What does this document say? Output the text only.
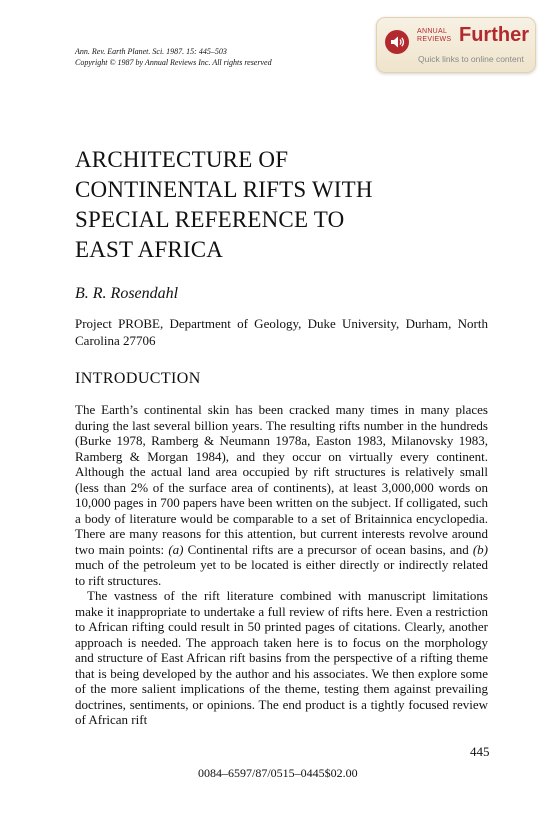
Ann. Rev. Earth Planet. Sci. 1987. 15: 445–503
Copyright © 1987 by Annual Reviews Inc. All rights reserved
ANNUAL
REVIEWS Further
Quick links to online content
ARCHITECTURE OF
CONTINENTAL RIFTS WITH
SPECIAL REFERENCE TO
EAST AFRICA
B. R. Rosendahl
Project PROBE, Department of Geology, Duke University, Durham, North Carolina 27706
INTRODUCTION

The Earth’s continental skin has been cracked many times in many places during the last several billion years. The resulting rifts number in the hundreds (Burke 1978, Ramberg & Neumann 1978a, Easton 1983, Milanovsky 1983, Ramberg & Morgan 1984), and they occur on virtually every continent. Although the actual land area occupied by rift structures is relatively small (less than 2% of the surface area of continents), at least 3,000,000 words on 10,000 pages in 700 papers have been written on the subject. If colligated, such a body of literature would be comparable to a set of Britainnica encyclopedia. There are many reasons for this attention, but current interests revolve around two main points: (a) Continental rifts are a precursor of ocean basins, and (b) much of the petroleum yet to be located is either directly or indirectly related to rift structures.

The vastness of the rift literature combined with manuscript limitations make it inappropriate to undertake a full review of rifts here. Even a restriction to African rifting could result in 50 printed pages of citations. Clearly, another approach is needed. The approach taken here is to focus on the morphology and structure of East African rift basins from the perspective of a rifting theme that is being developed by the author and his associates. We then explore some of the more salient implications of the theme, testing them against prevailing doctrines, sentiments, or opinions. The end product is a tightly focused review of African rift

445
0084–6597/87/0515–0445$02.00
